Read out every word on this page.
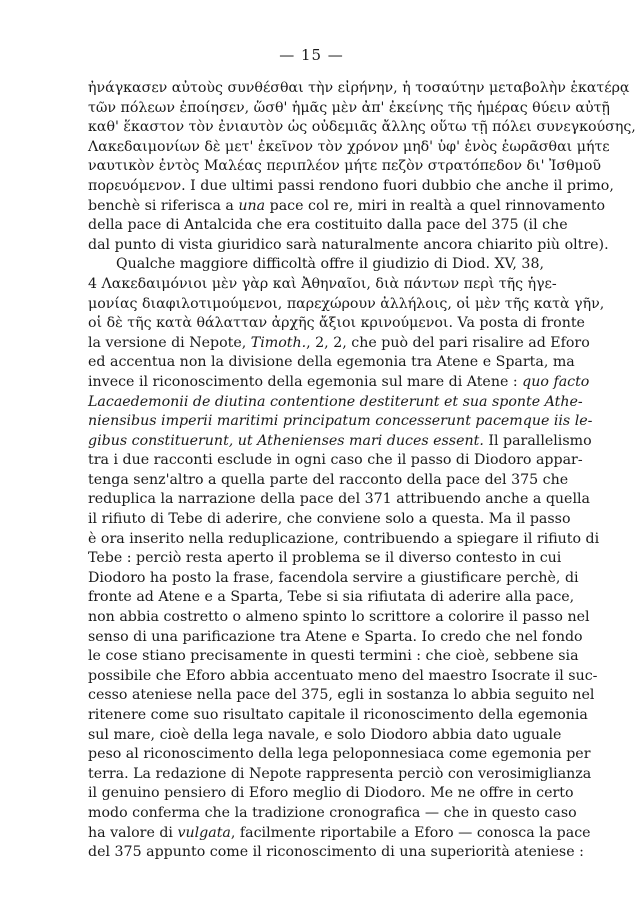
— 15 —
ἠνάγκασεν αὐτοὺς συνθέσθαι τὴν εἰρήνην, ἡ τοσαύτην μεταβολὴν ἑκατέρᾳ
τῶν πόλεων ἐποίησεν, ὥσθ' ἡμᾶς μὲν ἀπ' ἐκείνης τῆς ἡμέρας θύειν αὐτῇ
καθ' ἕκαστον τὸν ἐνιαυτὸν ὡς οὐδεμιᾶς ἄλλης οὕτω τῇ πόλει συνεγκούσης,
Λακεδαιμονίων δὲ μετ' ἐκεῖνον τὸν χρόνον μηδ' ὑφ' ἑνὸς ἑωρᾶσθαι μήτε
ναυτικὸν ἐντὸς Μαλέας περιπλέον μήτε πεζὸν στρατόπεδον δι' Ἰσθμοῦ
πορευόμενον. I due ultimi passi rendono fuori dubbio che anche il primo,
benchè si riferisca a una pace col re, miri in realtà a quel rinnovamento
della pace di Antalcida che era costituito dalla pace del 375 (il che
dal punto di vista giuridico sarà naturalmente ancora chiarito più oltre).
Qualche maggiore difficoltà offre il giudizio di Diod. XV, 38,
4 Λακεδαιμόνιοι μὲν γὰρ καὶ Ἀθηναῖοι, διὰ πάντων περὶ τῆς ἡγε-
μονίας διαφιλοτιμούμενοι, παρεχώρουν ἀλλήλοις, οἱ μὲν τῆς κατὰ γῆν,
οἱ δὲ τῆς κατὰ θάλατταν ἀρχῆς ἄξιοι κρινούμενοι. Va posta di fronte
la versione di Nepote, Timoth., 2, 2, che può del pari risalire ad Eforo
ed accentua non la divisione della egemonia tra Atene e Sparta, ma
invece il riconoscimento della egemonia sul mare di Atene : quo facto
Lacaedemonii de diutina contentione destiterunt et sua sponte Athe-
niensibus imperii maritimi principatum concesserunt pacemque iis le-
gibus constituerunt, ut Athenienses mari duces essent. Il parallelismo
tra i due racconti esclude in ogni caso che il passo di Diodoro appar-
tenga senz'altro a quella parte del racconto della pace del 375 che
reduplica la narrazione della pace del 371 attribuendo anche a quella
il rifiuto di Tebe di aderire, che conviene solo a questa. Ma il passo
è ora inserito nella reduplicazione, contribuendo a spiegare il rifiuto di
Tebe : perciò resta aperto il problema se il diverso contesto in cui
Diodoro ha posto la frase, facendola servire a giustificare perchè, di
fronte ad Atene e a Sparta, Tebe si sia rifiutata di aderire alla pace,
non abbia costretto o almeno spinto lo scrittore a colorire il passo nel
senso di una parificazione tra Atene e Sparta. Io credo che nel fondo
le cose stiano precisamente in questi termini : che cioè, sebbene sia
possibile che Eforo abbia accentuato meno del maestro Isocrate il suc-
cesso ateniese nella pace del 375, egli in sostanza lo abbia seguito nel
ritenere come suo risultato capitale il riconoscimento della egemonia
sul mare, cioè della lega navale, e solo Diodoro abbia dato uguale
peso al riconoscimento della lega peloponnesiaca come egemonia per
terra. La redazione di Nepote rappresenta perciò con verosimiglianza
il genuino pensiero di Eforo meglio di Diodoro. Me ne offre in certo
modo conferma che la tradizione cronografica — che in questo caso
ha valore di vulgata, facilmente riportabile a Eforo — conosca la pace
del 375 appunto come il riconoscimento di una superiorità ateniese :
